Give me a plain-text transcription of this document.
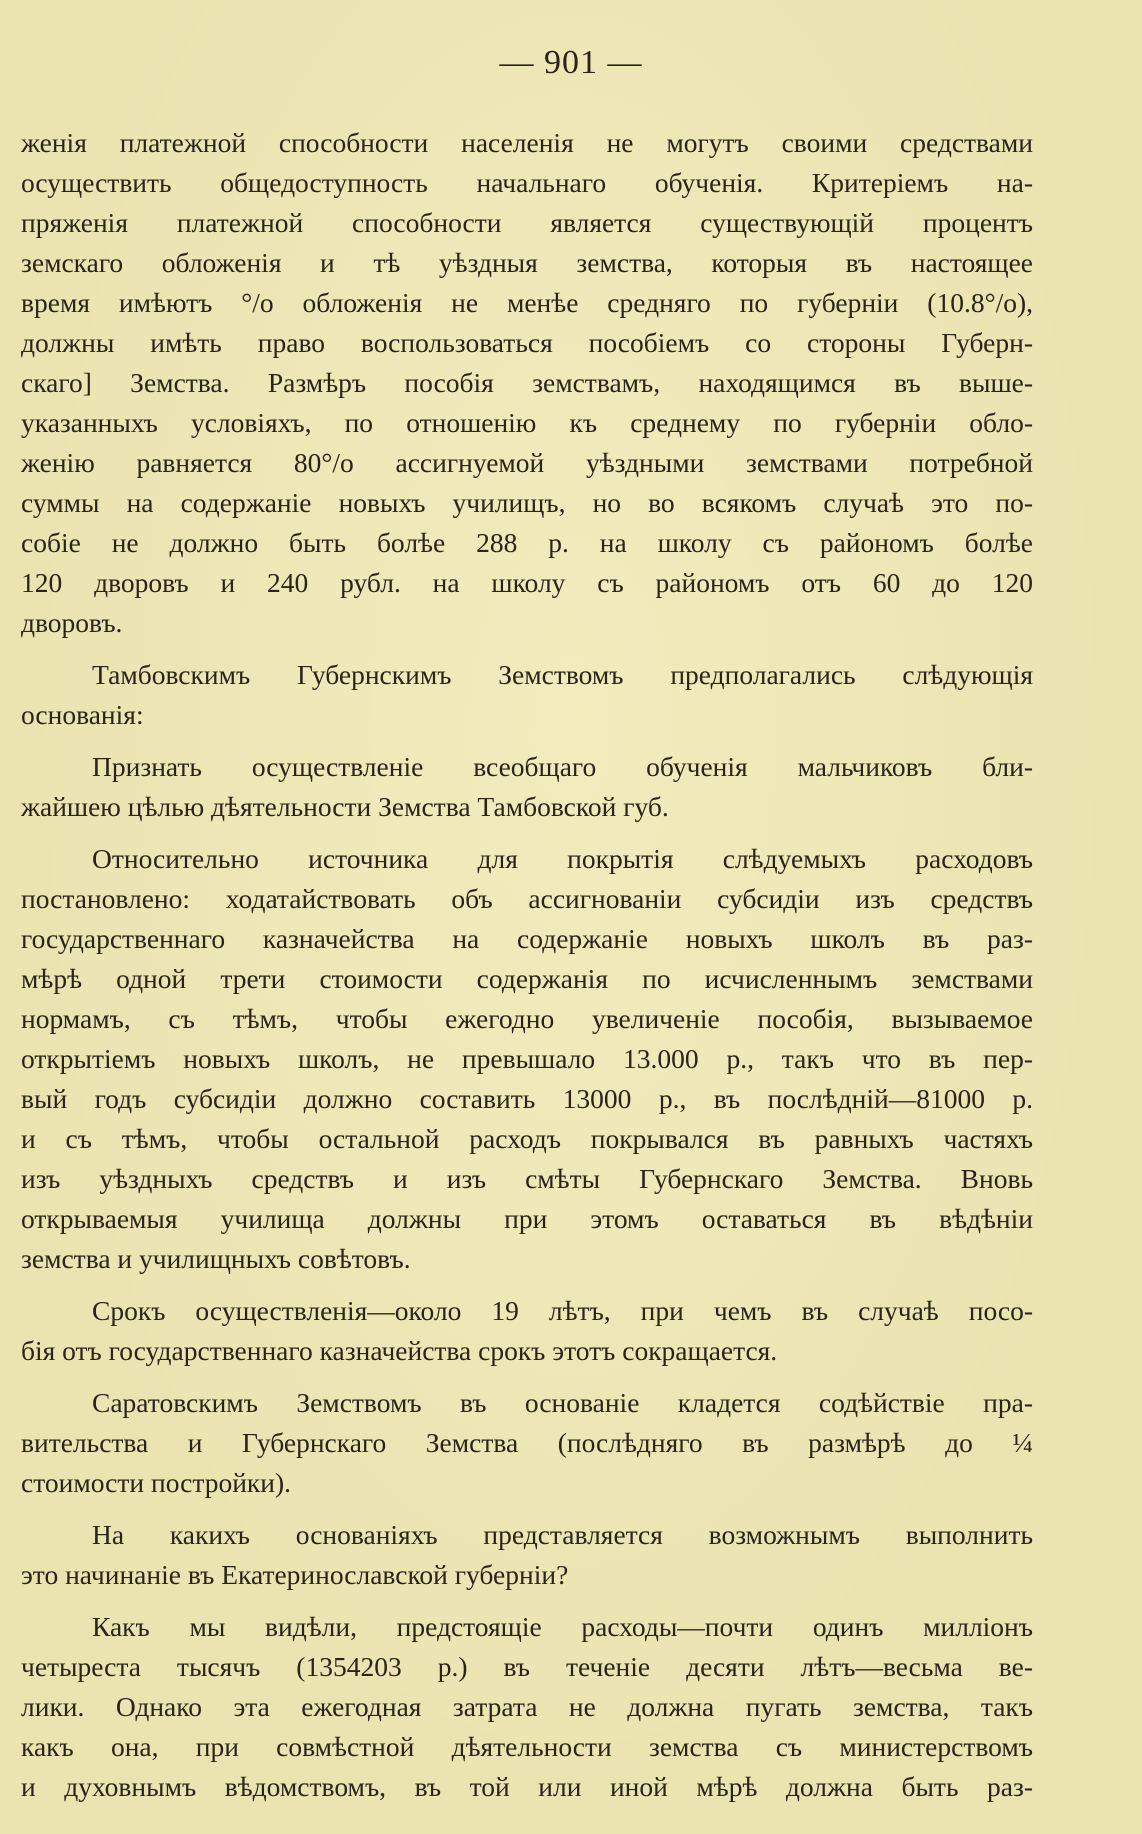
— 901 —

женія платежной способности населенія не могутъ своими средствами
осуществить общедоступность начальнаго обученія. Критеріемъ на-
пряженія платежной способности является существующій процентъ
земскаго обложенія и тѣ уѣздныя земства, которыя въ настоящее
время имѣютъ °/о обложенія не менѣе средняго по губерніи (10.8°/о),
должны имѣть право воспользоваться пособіемъ со стороны Губерн-
скаго] Земства. Размѣръ пособія земствамъ, находящимся въ выше-
указанныхъ условіяхъ, по отношенію къ среднему по губерніи обло-
женію равняется 80°/о ассигнуемой уѣздными земствами потребной
суммы на содержаніе новыхъ училищъ, но во всякомъ случаѣ это по-
собіе не должно быть болѣе 288 р. на школу съ райономъ болѣе
120 дворовъ и 240 рубл. на школу съ райономъ отъ 60 до 120
дворовъ.

Тамбовскимъ Губернскимъ Земствомъ предполагались слѣдующія
основанія:

Признать осуществленіе всеобщаго обученія мальчиковъ бли-
жайшею цѣлью дѣятельности Земства Тамбовской губ.

Относительно источника для покрытія слѣдуемыхъ расходовъ
постановлено: ходатайствовать объ ассигнованіи субсидіи изъ средствъ
государственнаго казначейства на содержаніе новыхъ школъ въ раз-
мѣрѣ одной трети стоимости содержанія по исчисленнымъ земствами
нормамъ, съ тѣмъ, чтобы ежегодно увеличеніе пособія, вызываемое
открытіемъ новыхъ школъ, не превышало 13.000 р., такъ что въ пер-
вый годъ субсидіи должно составить 13000 р., въ послѣдній—81000 р.
и съ тѣмъ, чтобы остальной расходъ покрывался въ равныхъ частяхъ
изъ уѣздныхъ средствъ и изъ смѣты Губернскаго Земства. Вновь
открываемыя училища должны при этомъ оставаться въ вѣдѣніи
земства и училищныхъ совѣтовъ.

Срокъ осуществленія—около 19 лѣтъ, при чемъ въ случаѣ посо-
бія отъ государственнаго казначейства срокъ этотъ сокращается.

Саратовскимъ Земствомъ въ основаніе кладется содѣйствіе пра-
вительства и Губернскаго Земства (послѣдняго въ размѣрѣ до ¼
стоимости постройки).

На какихъ основаніяхъ представляется возможнымъ выполнить
это начинаніе въ Екатеринославской губерніи?

Какъ мы видѣли, предстоящіе расходы—почти одинъ милліонъ
четыреста тысячъ (1354203 р.) въ теченіе десяти лѣтъ—весьма ве-
лики. Однако эта ежегодная затрата не должна пугать земства, такъ
какъ она, при совмѣстной дѣятельности земства съ министерствомъ
и духовнымъ вѣдомствомъ, въ той или иной мѣрѣ должна быть раз-
